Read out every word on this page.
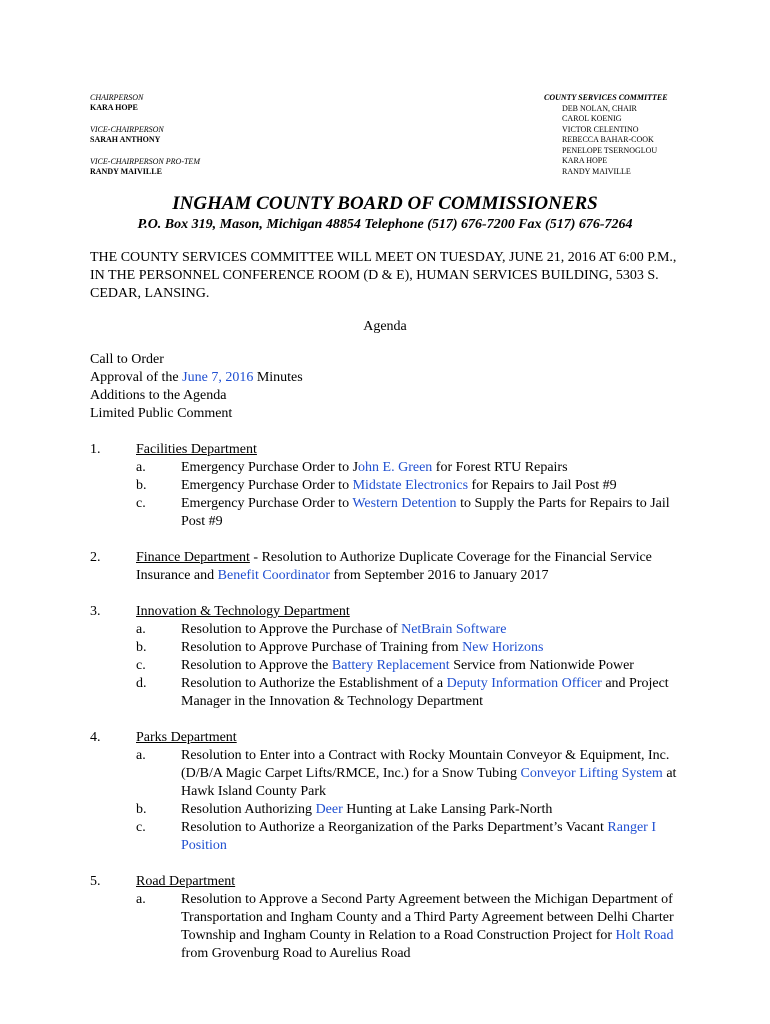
CHAIRPERSON
KARA HOPE
VICE-CHAIRPERSON
SARAH ANTHONY
VICE-CHAIRPERSON PRO-TEM
RANDY MAIVILLE
COUNTY SERVICES COMMITTEE
DEB NOLAN, CHAIR
CAROL KOENIG
VICTOR CELENTINO
REBECCA BAHAR-COOK
PENELOPE TSERNOGLOU
KARA HOPE
RANDY MAIVILLE
INGHAM COUNTY BOARD OF COMMISSIONERS
P.O. Box 319, Mason, Michigan 48854 Telephone (517) 676-7200 Fax (517) 676-7264
THE COUNTY SERVICES COMMITTEE WILL MEET ON TUESDAY, JUNE 21, 2016 AT 6:00 P.M., IN THE PERSONNEL CONFERENCE ROOM (D & E), HUMAN SERVICES BUILDING, 5303 S. CEDAR, LANSING.
Agenda
Call to Order
Approval of the June 7, 2016 Minutes
Additions to the Agenda
Limited Public Comment
1.	Facilities Department
a.	Emergency Purchase Order to John E. Green for Forest RTU Repairs
b. Emergency Purchase Order to Midstate Electronics for Repairs to Jail Post #9
c.	Emergency Purchase Order to Western Detention to Supply the Parts for Repairs to Jail Post #9
2.	Finance Department - Resolution to Authorize Duplicate Coverage for the Financial Service Insurance and Benefit Coordinator from September 2016 to January 2017
3.	Innovation & Technology Department
a.	Resolution to Approve the Purchase of NetBrain Software
b. Resolution to Approve Purchase of Training from New Horizons
c.	Resolution to Approve the Battery Replacement Service from Nationwide Power
d. Resolution to Authorize the Establishment of a Deputy Information Officer and Project Manager in the Innovation & Technology Department
4.	Parks Department
a.	Resolution to Enter into a Contract with Rocky Mountain Conveyor & Equipment, Inc. (D/B/A Magic Carpet Lifts/RMCE, Inc.) for a Snow Tubing Conveyor Lifting System at Hawk Island County Park
b. Resolution Authorizing Deer Hunting at Lake Lansing Park-North
c.	Resolution to Authorize a Reorganization of the Parks Department’s Vacant Ranger I Position
5.	Road Department
a.	Resolution to Approve a Second Party Agreement between the Michigan Department of Transportation and Ingham County and a Third Party Agreement between Delhi Charter Township and Ingham County in Relation to a Road Construction Project for Holt Road from Grovenburg Road to Aurelius Road
